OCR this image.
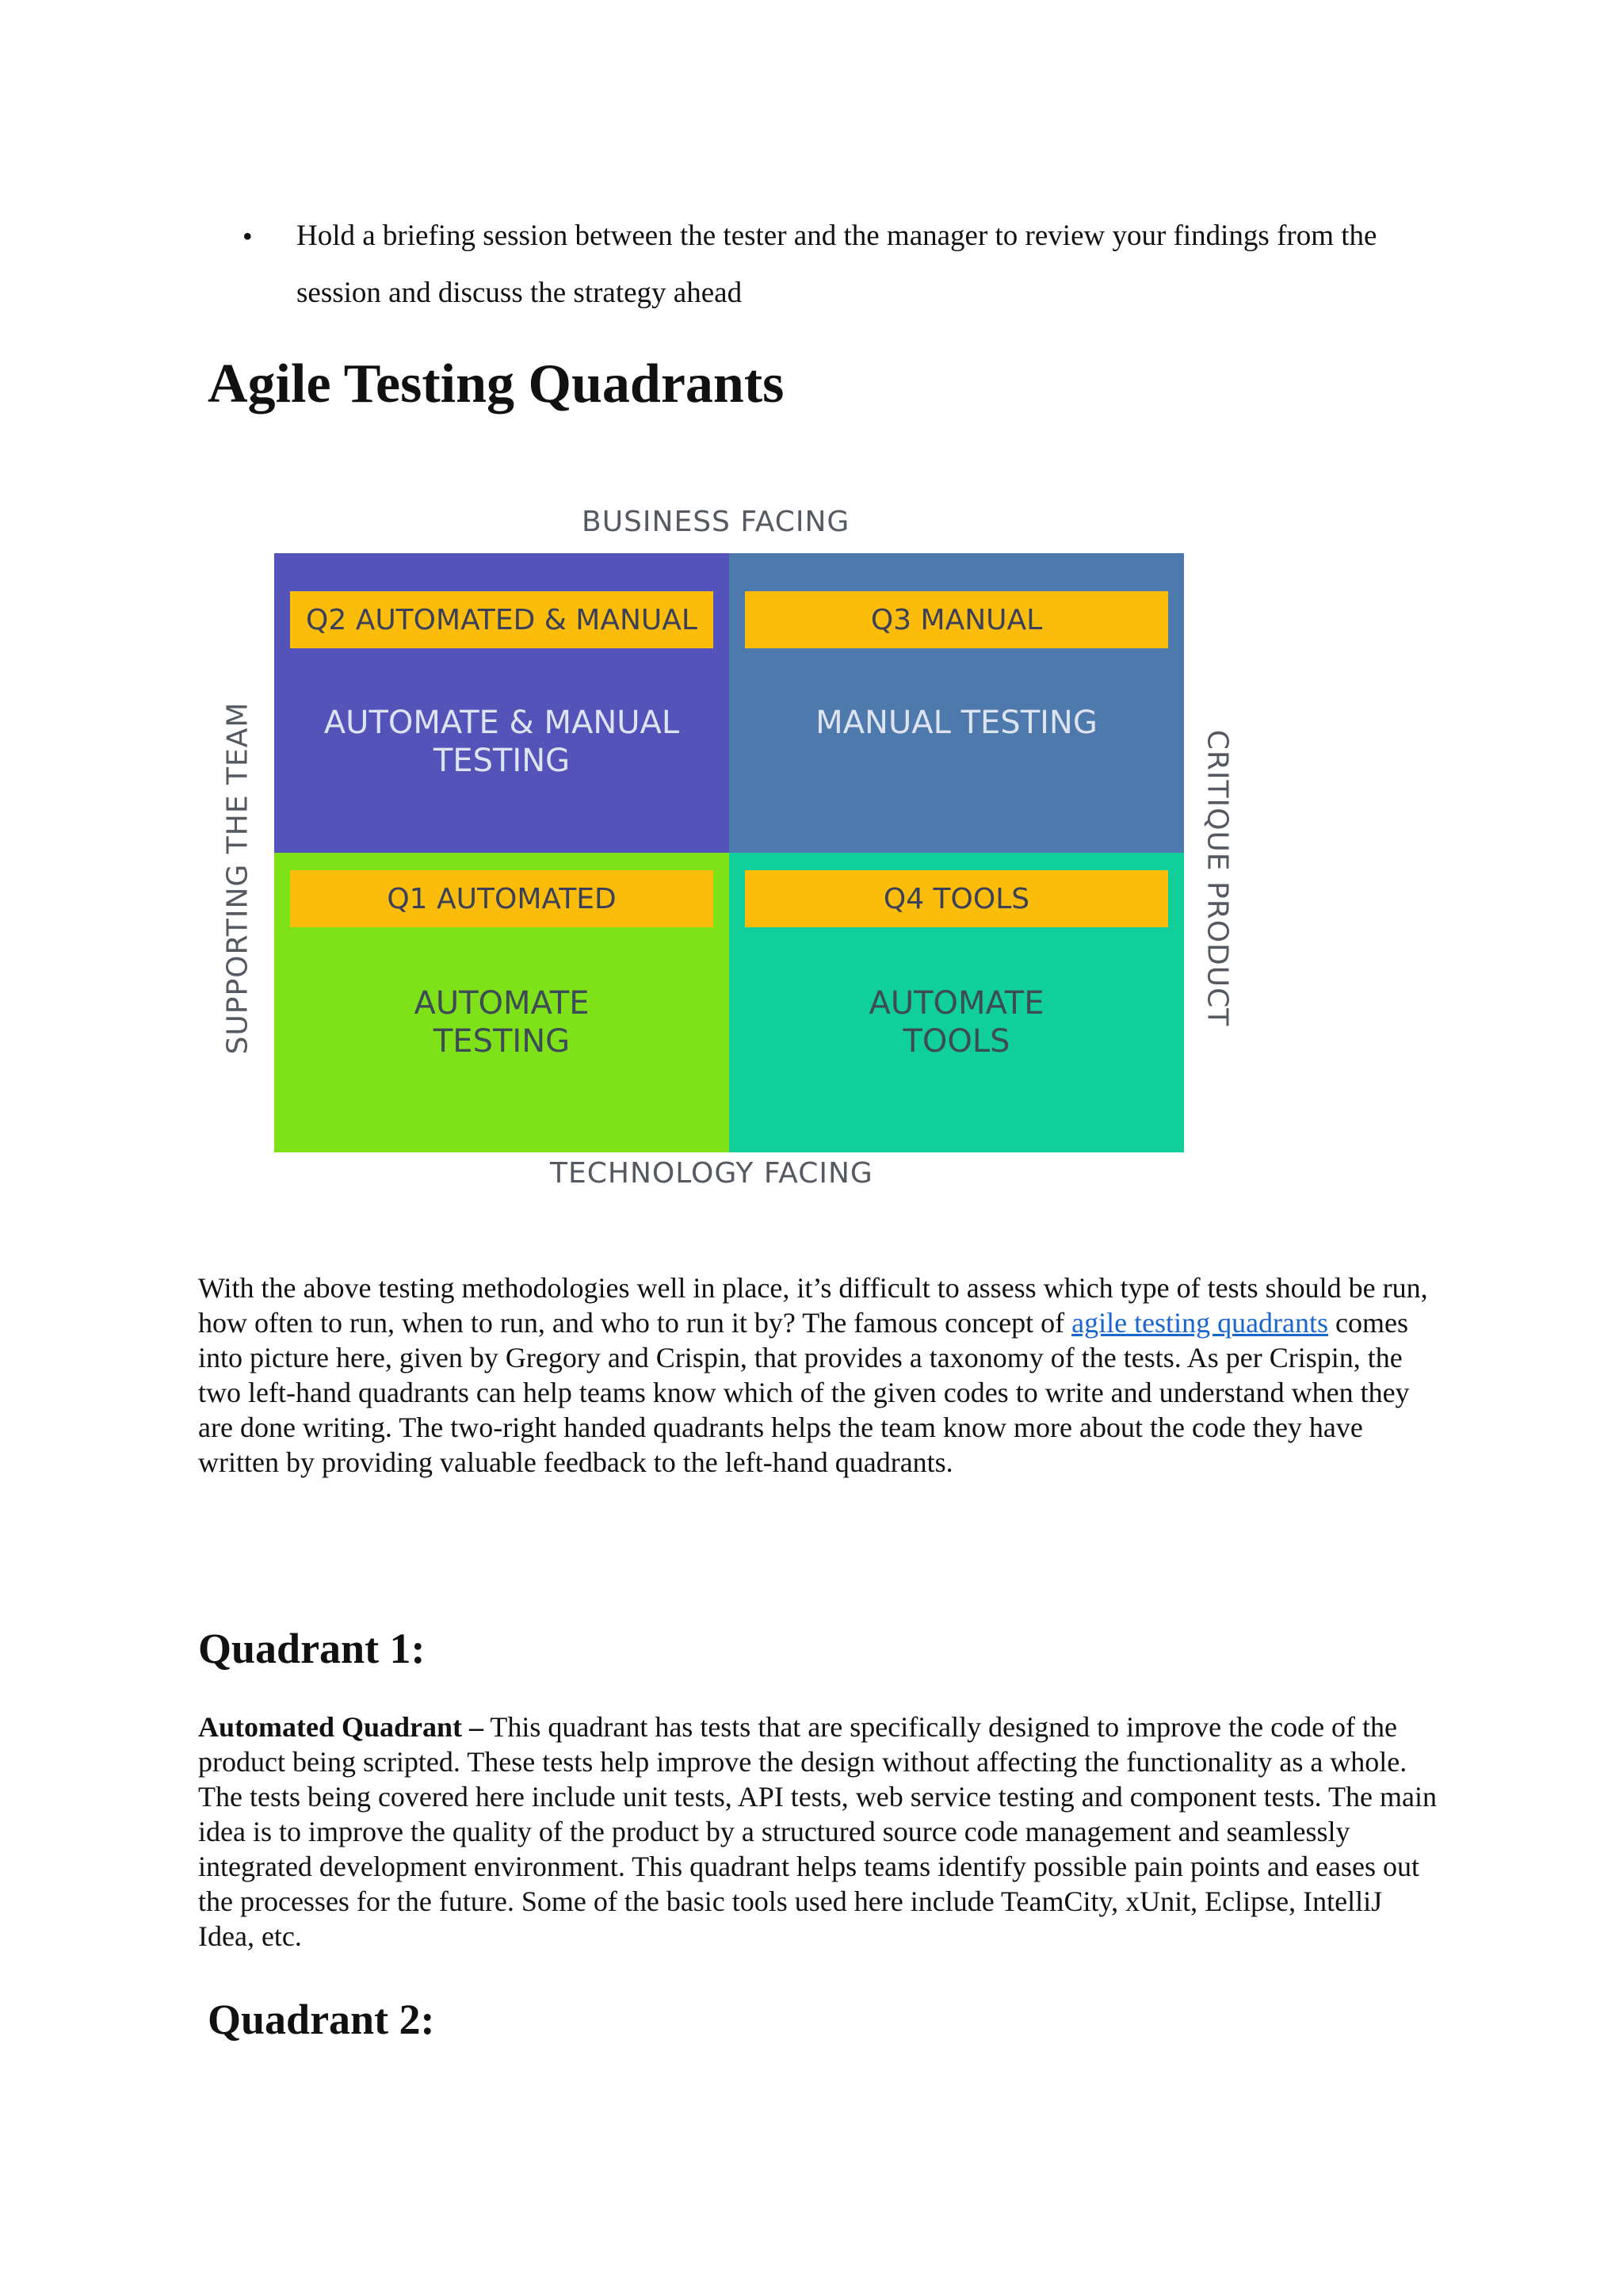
• Hold a briefing session between the tester and the manager to review your findings from the session and discuss the strategy ahead
Agile Testing Quadrants
BUSINESS FACING
SUPPORTING THE TEAM	CRITIQUE PRODUCT
Q2 AUTOMATED & MANUAL
AUTOMATE & MANUAL
TESTING
Q3 MANUAL
MANUAL TESTING
Q1 AUTOMATED
AUTOMATE
TESTING
Q4 TOOLS
AUTOMATE
TOOLS
TECHNOLOGY FACING

With the above testing methodologies well in place, it’s difficult to assess which type of tests should be run, how often to run, when to run, and who to run it by? The famous concept of agile testing quadrants comes into picture here, given by Gregory and Crispin, that provides a taxonomy of the tests. As per Crispin, the two left-hand quadrants can help teams know which of the given codes to write and understand when they are done writing. The two-right handed quadrants helps the team know more about the code they have written by providing valuable feedback to the left-hand quadrants.

Quadrant 1:

Automated Quadrant – This quadrant has tests that are specifically designed to improve the code of the product being scripted. These tests help improve the design without affecting the functionality as a whole. The tests being covered here include unit tests, API tests, web service testing and component tests. The main idea is to improve the quality of the product by a structured source code management and seamlessly integrated development environment. This quadrant helps teams identify possible pain points and eases out the processes for the future. Some of the basic tools used here include TeamCity, xUnit, Eclipse, IntelliJ Idea, etc.

Quadrant 2:
